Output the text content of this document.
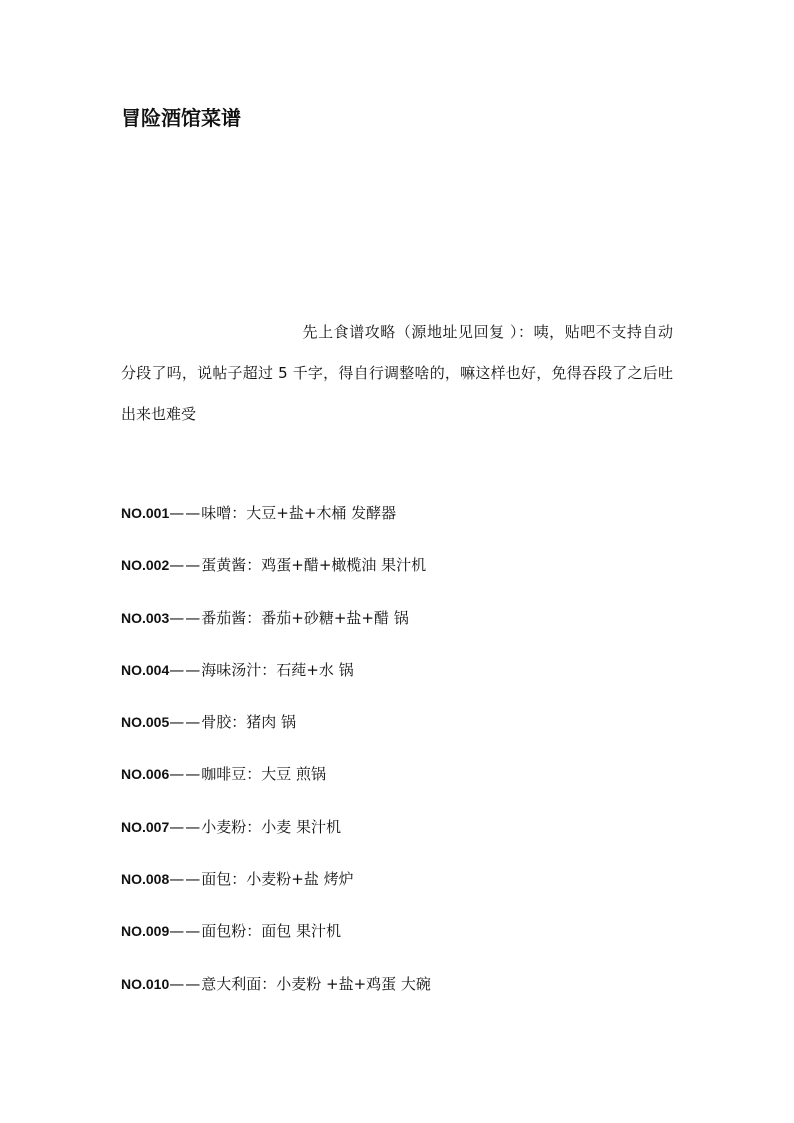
冒险酒馆菜谱

先上食谱攻略（源地址见回复 ）：咦，贴吧不支持自动分段了吗，说帖子超过 5 千字，得自行调整啥的，嘛这样也好，免得吞段了之后吐出来也难受

NO.001——味噌：大豆+盐+木桶 发酵器
NO.002——蛋黄酱：鸡蛋+醋+橄榄油 果汁机
NO.003——番茄酱：番茄+砂糖+盐+醋 锅
NO.004——海味汤汁：石莼+水 锅
NO.005——骨胶：猪肉 锅
NO.006——咖啡豆：大豆 煎锅
NO.007——小麦粉：小麦 果汁机
NO.008——面包：小麦粉+盐 烤炉
NO.009——面包粉：面包 果汁机
NO.010——意大利面：小麦粉 +盐+鸡蛋 大碗
